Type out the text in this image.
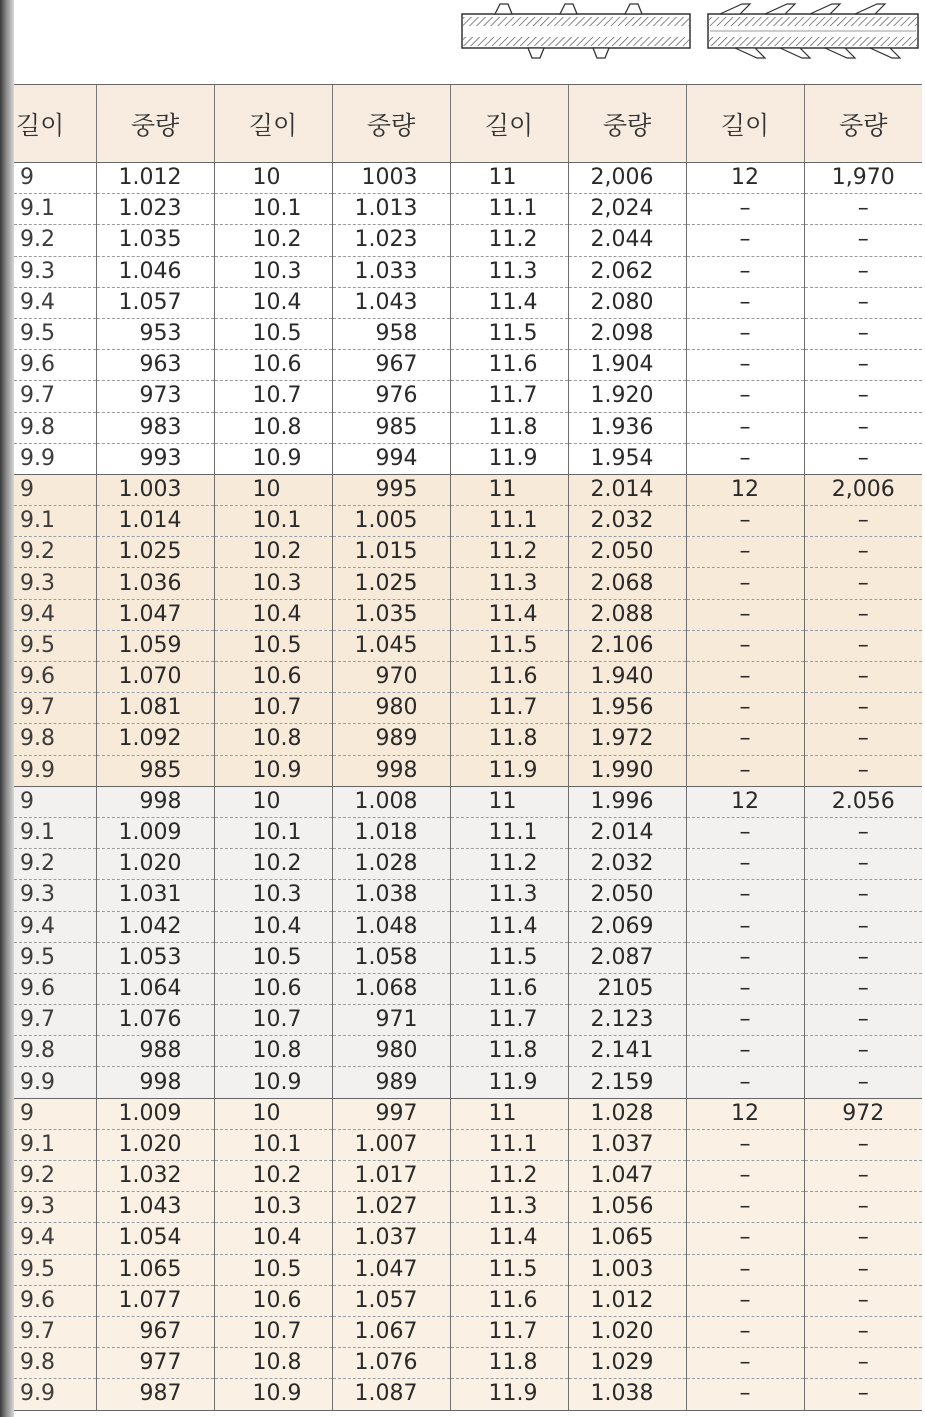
길이	중량	길이	중량	길이	중량	길이	중량
9	1.012	10	1003	11	2,006	12	1,970
9.1	1.023	10.1	1.013	11.1	2,024	–	–
9.2	1.035	10.2	1.023	11.2	2.044	–	–
9.3	1.046	10.3	1.033	11.3	2.062	–	–
9.4	1.057	10.4	1.043	11.4	2.080	–	–
9.5	953	10.5	958	11.5	2.098	–	–
9.6	963	10.6	967	11.6	1.904	–	–
9.7	973	10.7	976	11.7	1.920	–	–
9.8	983	10.8	985	11.8	1.936	–	–
9.9	993	10.9	994	11.9	1.954	–	–
9	1.003	10	995	11	2.014	12	2,006
9.1	1.014	10.1	1.005	11.1	2.032	–	–
9.2	1.025	10.2	1.015	11.2	2.050	–	–
9.3	1.036	10.3	1.025	11.3	2.068	–	–
9.4	1.047	10.4	1.035	11.4	2.088	–	–
9.5	1.059	10.5	1.045	11.5	2.106	–	–
9.6	1.070	10.6	970	11.6	1.940	–	–
9.7	1.081	10.7	980	11.7	1.956	–	–
9.8	1.092	10.8	989	11.8	1.972	–	–
9.9	985	10.9	998	11.9	1.990	–	–
9	998	10	1.008	11	1.996	12	2.056
9.1	1.009	10.1	1.018	11.1	2.014	–	–
9.2	1.020	10.2	1.028	11.2	2.032	–	–
9.3	1.031	10.3	1.038	11.3	2.050	–	–
9.4	1.042	10.4	1.048	11.4	2.069	–	–
9.5	1.053	10.5	1.058	11.5	2.087	–	–
9.6	1.064	10.6	1.068	11.6	2105	–	–
9.7	1.076	10.7	971	11.7	2.123	–	–
9.8	988	10.8	980	11.8	2.141	–	–
9.9	998	10.9	989	11.9	2.159	–	–
9	1.009	10	997	11	1.028	12	972
9.1	1.020	10.1	1.007	11.1	1.037	–	–
9.2	1.032	10.2	1.017	11.2	1.047	–	–
9.3	1.043	10.3	1.027	11.3	1.056	–	–
9.4	1.054	10.4	1.037	11.4	1.065	–	–
9.5	1.065	10.5	1.047	11.5	1.003	–	–
9.6	1.077	10.6	1.057	11.6	1.012	–	–
9.7	967	10.7	1.067	11.7	1.020	–	–
9.8	977	10.8	1.076	11.8	1.029	–	–
9.9	987	10.9	1.087	11.9	1.038	–	–
